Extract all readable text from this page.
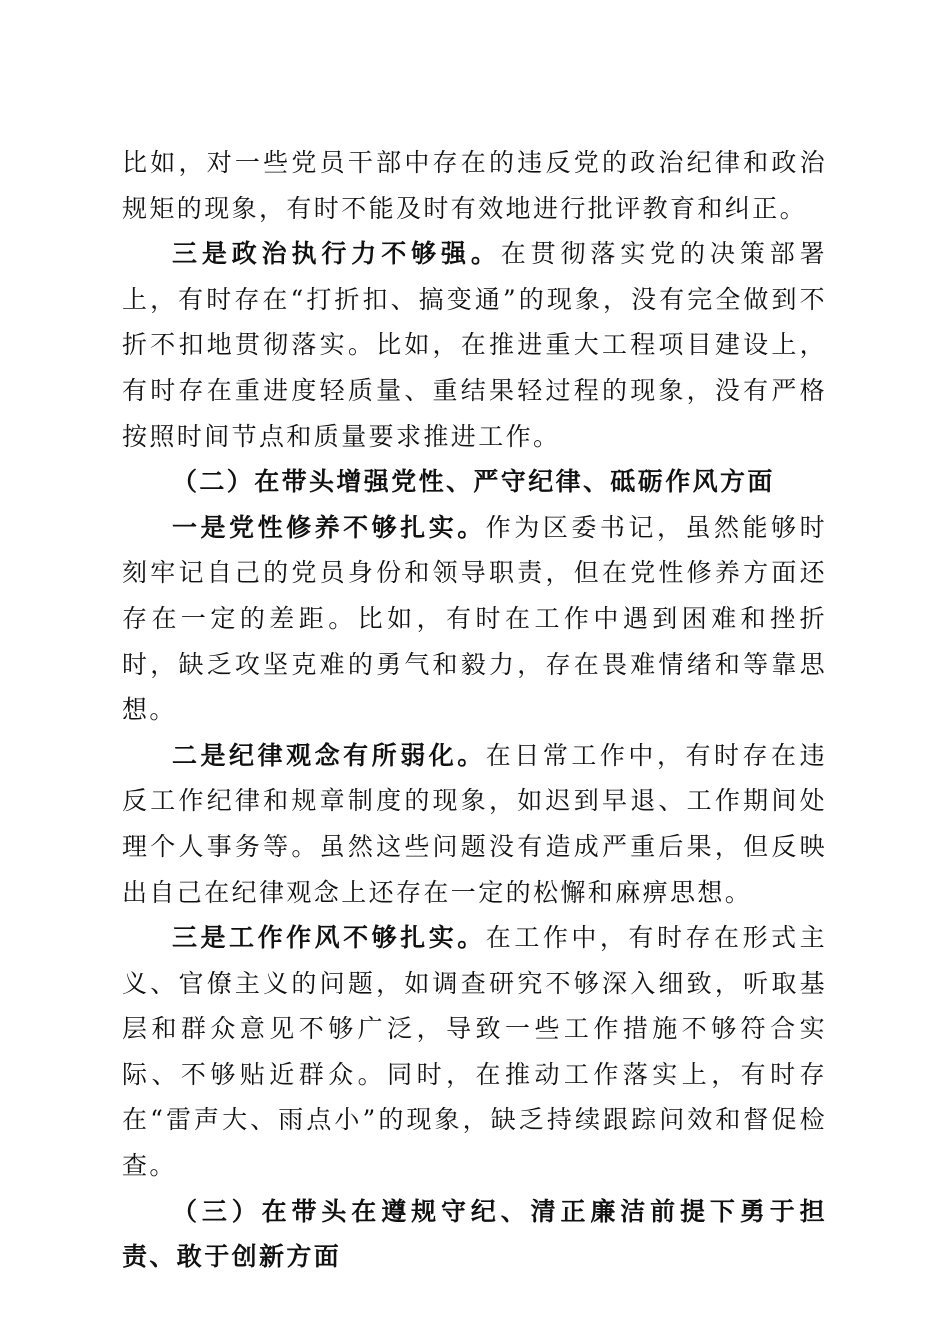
比如，对一些党员干部中存在的违反党的政治纪律和政治规矩的现象，有时不能及时有效地进行批评教育和纠正。

三是政治执行力不够强。在贯彻落实党的决策部署上，有时存在“打折扣、搞变通”的现象，没有完全做到不折不扣地贯彻落实。比如，在推进重大工程项目建设上，有时存在重进度轻质量、重结果轻过程的现象，没有严格按照时间节点和质量要求推进工作。

（二）在带头增强党性、严守纪律、砥砺作风方面

一是党性修养不够扎实。作为区委书记，虽然能够时刻牢记自己的党员身份和领导职责，但在党性修养方面还存在一定的差距。比如，有时在工作中遇到困难和挫折时，缺乏攻坚克难的勇气和毅力，存在畏难情绪和等靠思想。

二是纪律观念有所弱化。在日常工作中，有时存在违反工作纪律和规章制度的现象，如迟到早退、工作期间处理个人事务等。虽然这些问题没有造成严重后果，但反映出自己在纪律观念上还存在一定的松懈和麻痹思想。

三是工作作风不够扎实。在工作中，有时存在形式主义、官僚主义的问题，如调查研究不够深入细致，听取基层和群众意见不够广泛，导致一些工作措施不够符合实际、不够贴近群众。同时，在推动工作落实上，有时存在“雷声大、雨点小”的现象，缺乏持续跟踪问效和督促检查。

（三）在带头在遵规守纪、清正廉洁前提下勇于担责、敢于创新方面
